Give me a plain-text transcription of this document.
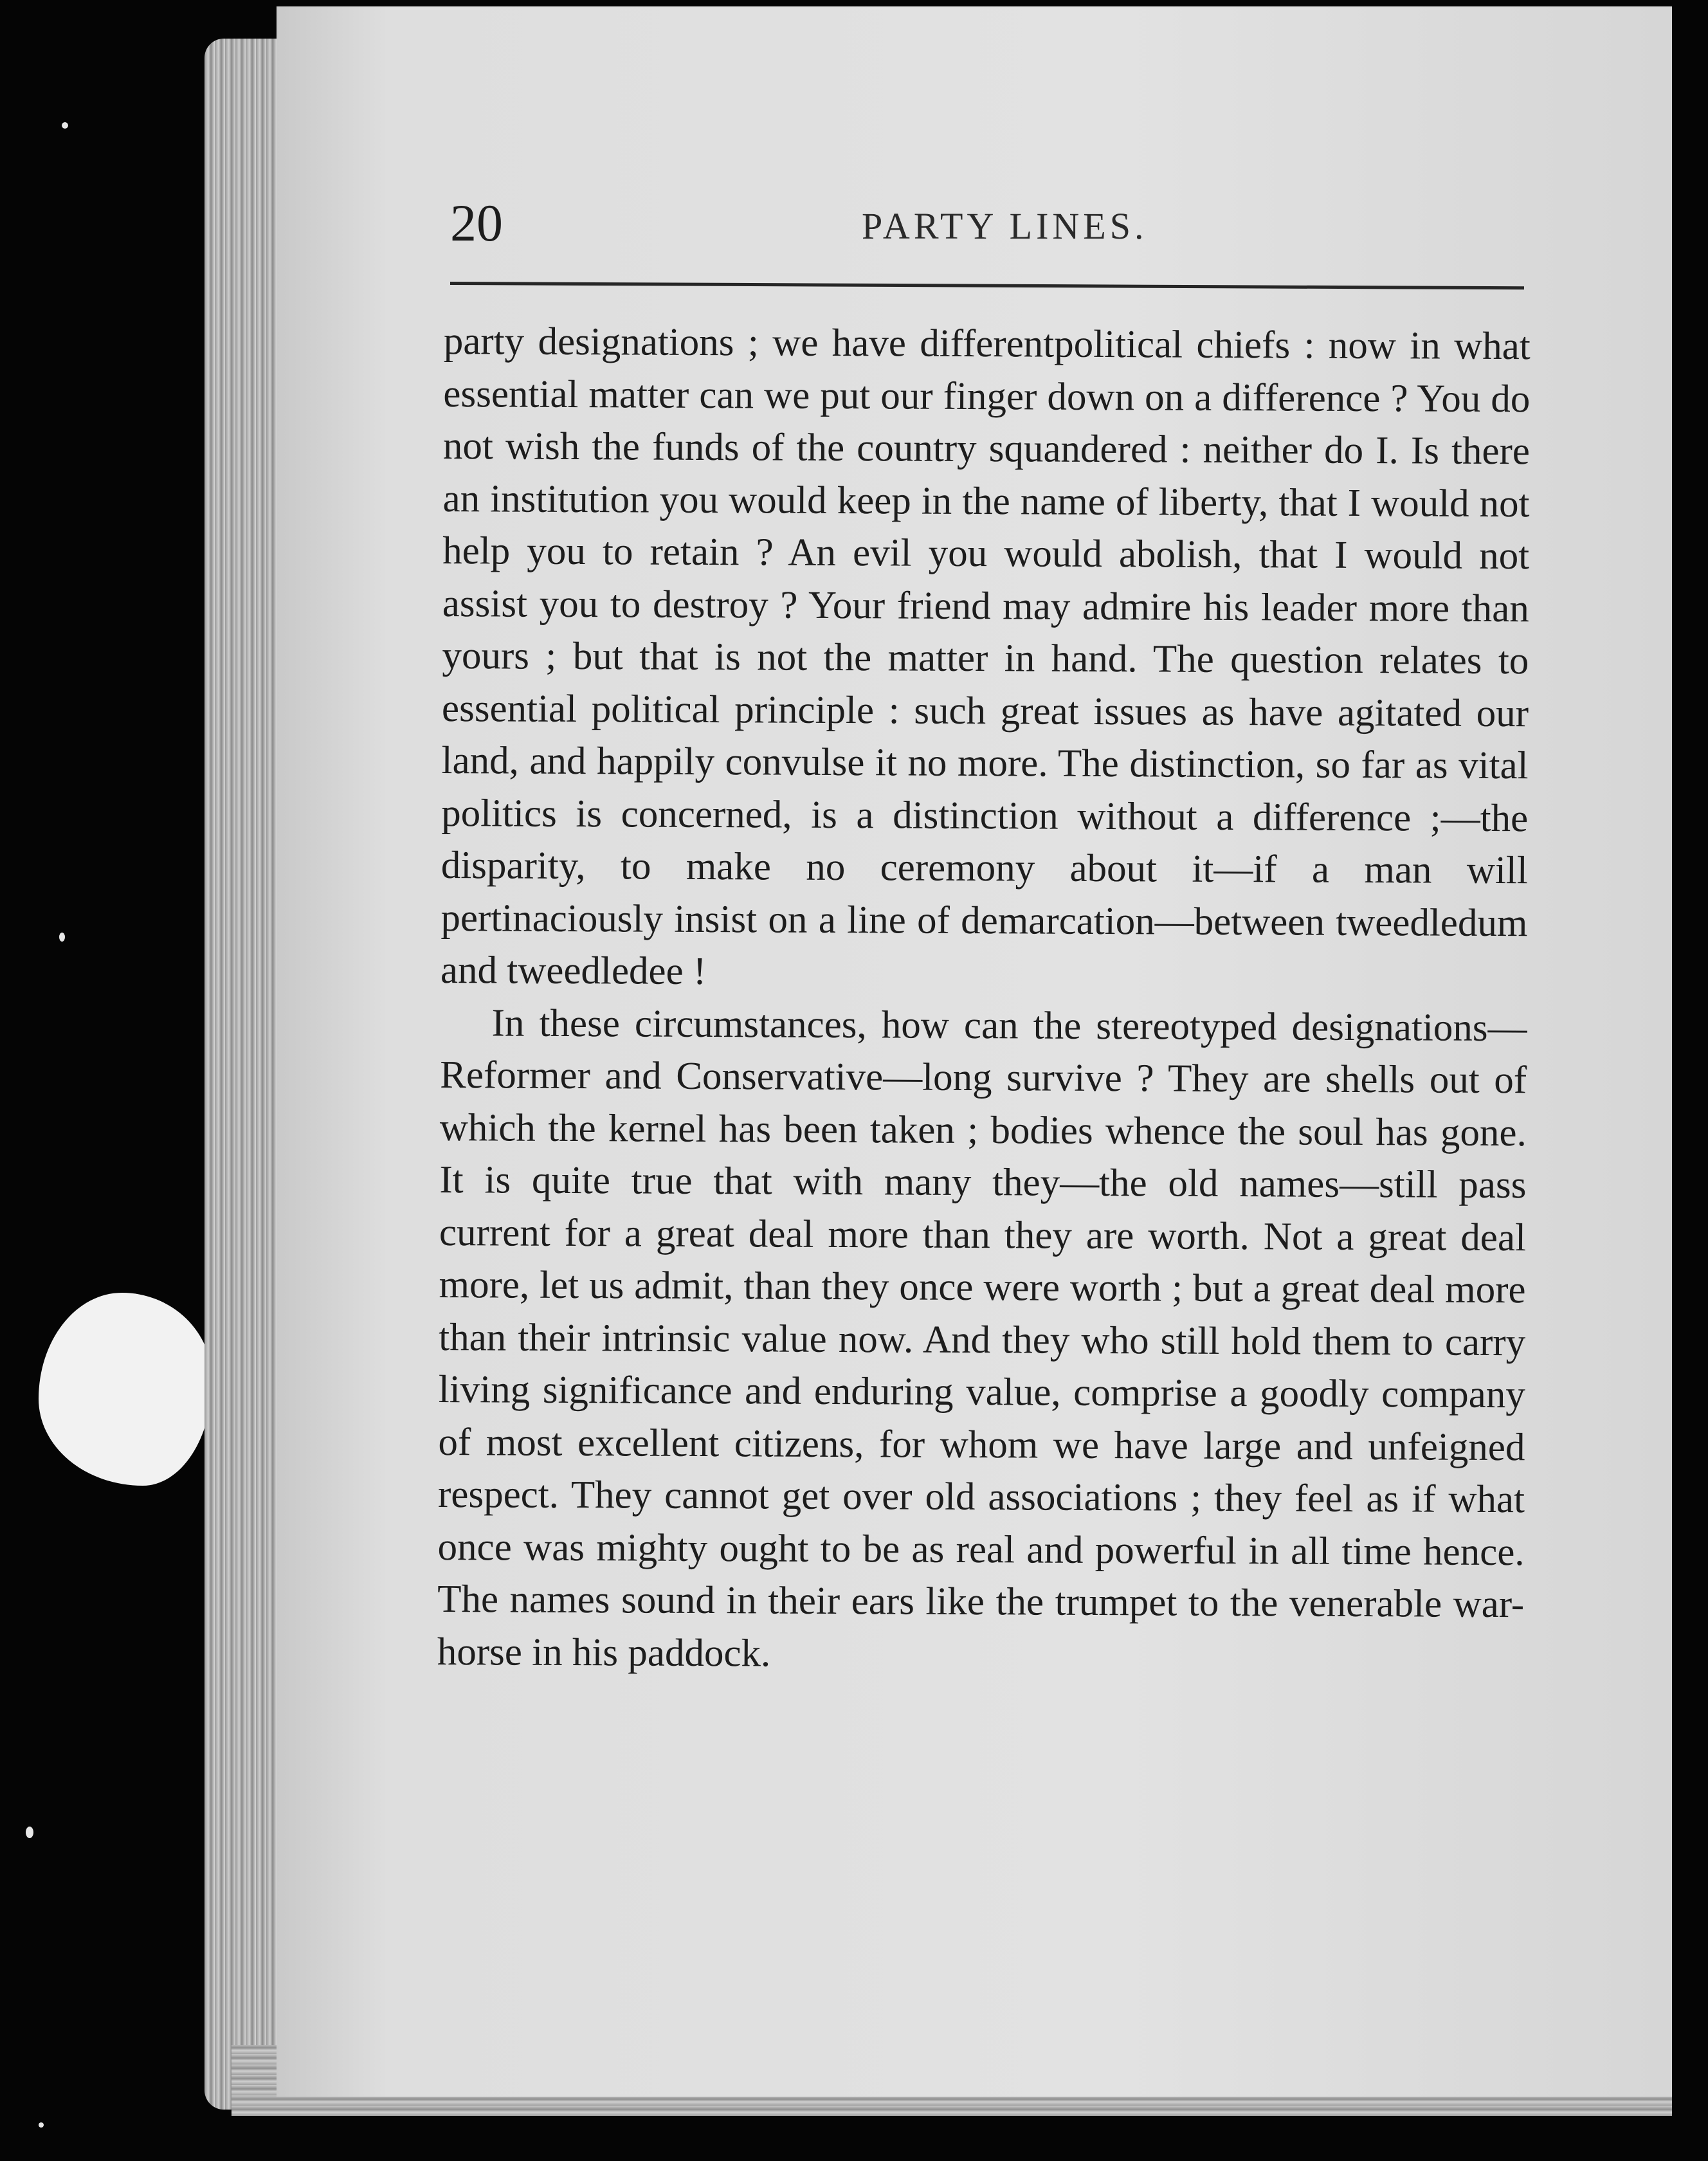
20	PARTY LINES.

party designations ; we have differentpolitical chiefs : now in what essential matter can we put our finger down on a difference ? You do not wish the funds of the country squandered : neither do I. Is there an institution you would keep in the name of liberty, that I would not help you to retain ? An evil you would abolish, that I would not assist you to destroy ? Your friend may admire his leader more than yours ; but that is not the matter in hand. The question relates to essential political principle : such great issues as have agitated our land, and happily convulse it no more. The distinction, so far as vital politics is concerned, is a distinction without a difference ;—the disparity, to make no ceremony about it—if a man will pertinaciously insist on a line of demarcation—between tweedledum and tweedledee !

In these circumstances, how can the stereotyped designations—Reformer and Conservative—long survive ? They are shells out of which the kernel has been taken ; bodies whence the soul has gone. It is quite true that with many they—the old names—still pass current for a great deal more than they are worth. Not a great deal more, let us admit, than they once were worth ; but a great deal more than their intrinsic value now. And they who still hold them to carry living significance and enduring value, comprise a goodly company of most excellent citizens, for whom we have large and unfeigned respect. They cannot get over old associations ; they feel as if what once was mighty ought to be as real and powerful in all time hence. The names sound in their ears like the trumpet to the venerable war-horse in his paddock.
